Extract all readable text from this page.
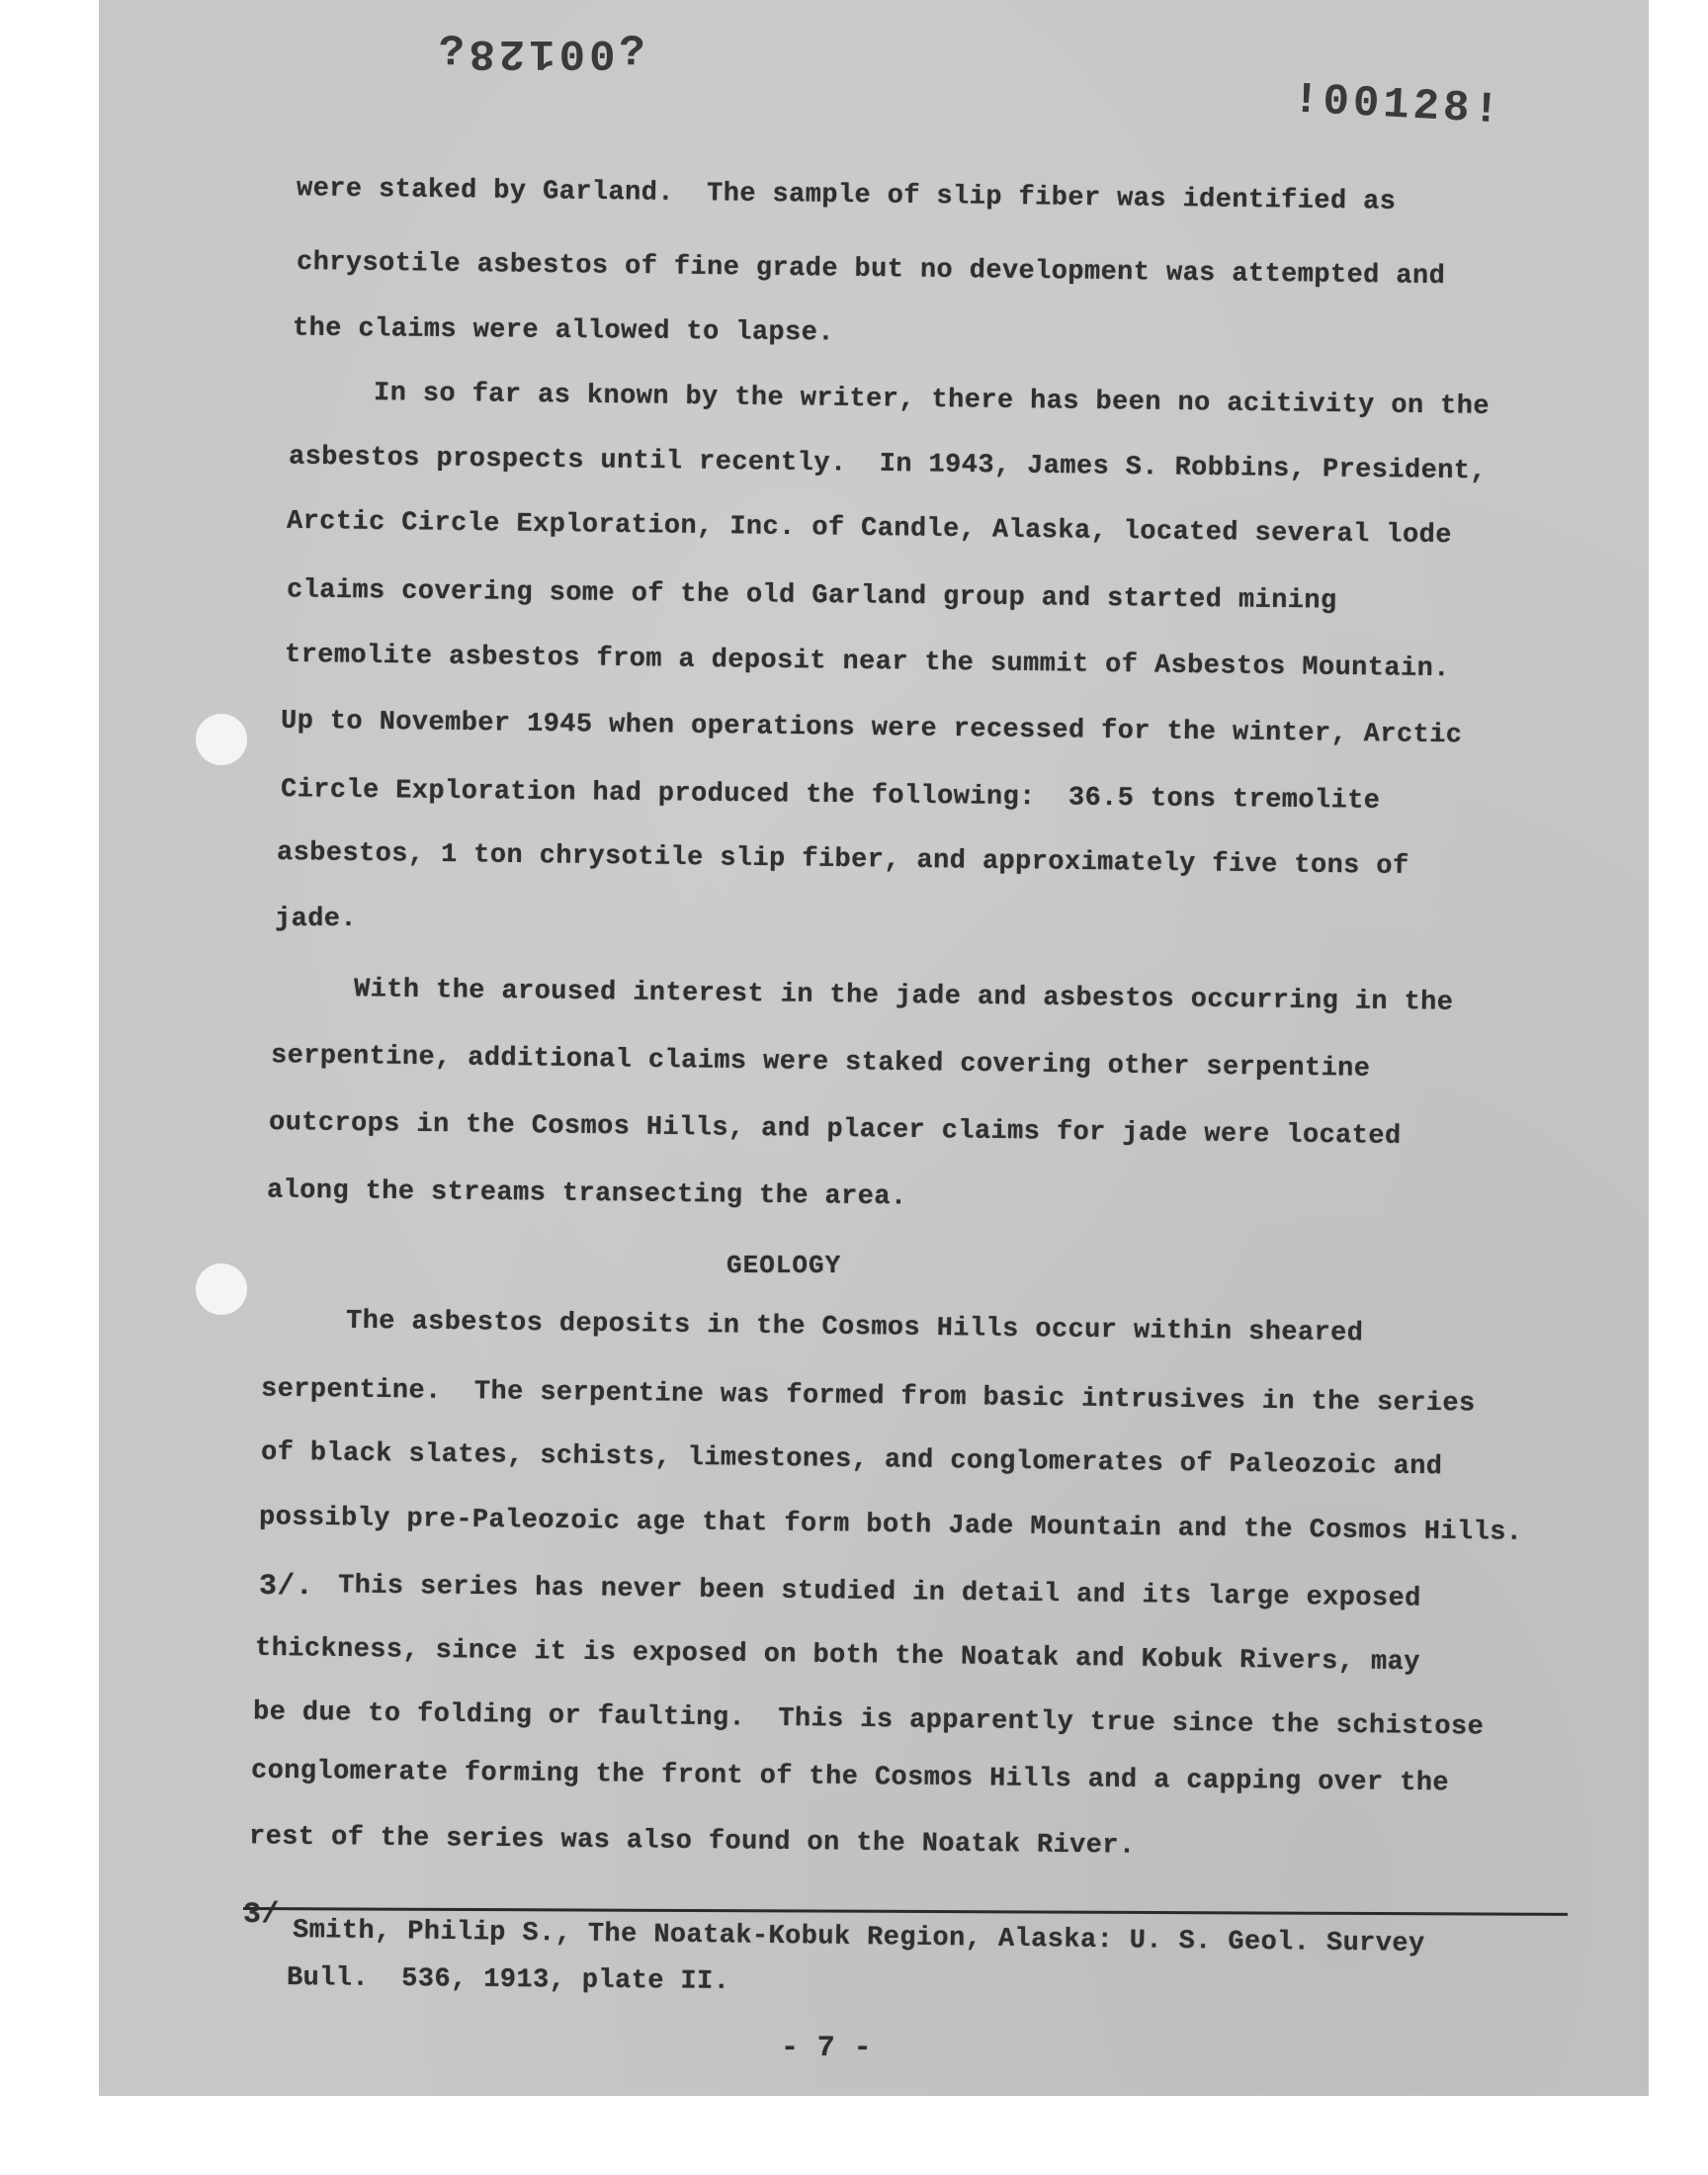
¿00128¿
!00128!
were staked by Garland.  The sample of slip fiber was identified as
chrysotile asbestos of fine grade but no development was attempted and
the claims were allowed to lapse.
In so far as known by the writer, there has been no acitivity on the
asbestos prospects until recently.  In 1943, James S. Robbins, President,
Arctic Circle Exploration, Inc. of Candle, Alaska, located several lode
claims covering some of the old Garland group and started mining
tremolite asbestos from a deposit near the summit of Asbestos Mountain.
Up to November 1945 when operations were recessed for the winter, Arctic
Circle Exploration had produced the following:  36.5 tons tremolite
asbestos, 1 ton chrysotile slip fiber, and approximately five tons of
jade.
With the aroused interest in the jade and asbestos occurring in the
serpentine, additional claims were staked covering other serpentine
outcrops in the Cosmos Hills, and placer claims for jade were located
along the streams transecting the area.
GEOLOGY
The asbestos deposits in the Cosmos Hills occur within sheared
serpentine.  The serpentine was formed from basic intrusives in the series
of black slates, schists, limestones, and conglomerates of Paleozoic and
possibly pre-Paleozoic age that form both Jade Mountain and the Cosmos Hills.
3/. This series has never been studied in detail and its large exposed
thickness, since it is exposed on both the Noatak and Kobuk Rivers, may
be due to folding or faulting.  This is apparently true since the schistose
conglomerate forming the front of the Cosmos Hills and a capping over the
rest of the series was also found on the Noatak River.
3/
Smith, Philip S., The Noatak-Kobuk Region, Alaska: U. S. Geol. Survey
Bull.  536, 1913, plate II.
- 7 -
